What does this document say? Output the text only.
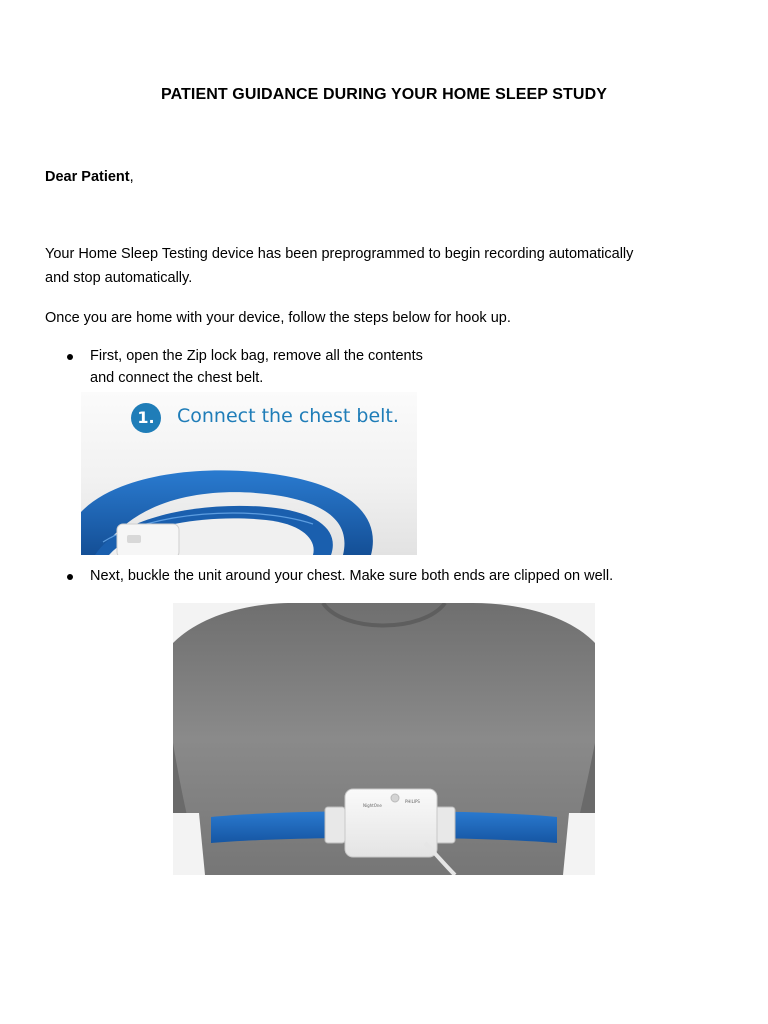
PATIENT GUIDANCE DURING YOUR HOME SLEEP STUDY
Dear Patient,
Your Home Sleep Testing device has been preprogrammed to begin recording automatically
and stop automatically.
Once you are home with your device, follow the steps below for hook up.
First, open the Zip lock bag, remove all the contents
and connect the chest belt.
1.	Connect the chest belt.
Next, buckle the unit around your chest. Make sure both ends are clipped on well.
NightOne
PHILIPS
